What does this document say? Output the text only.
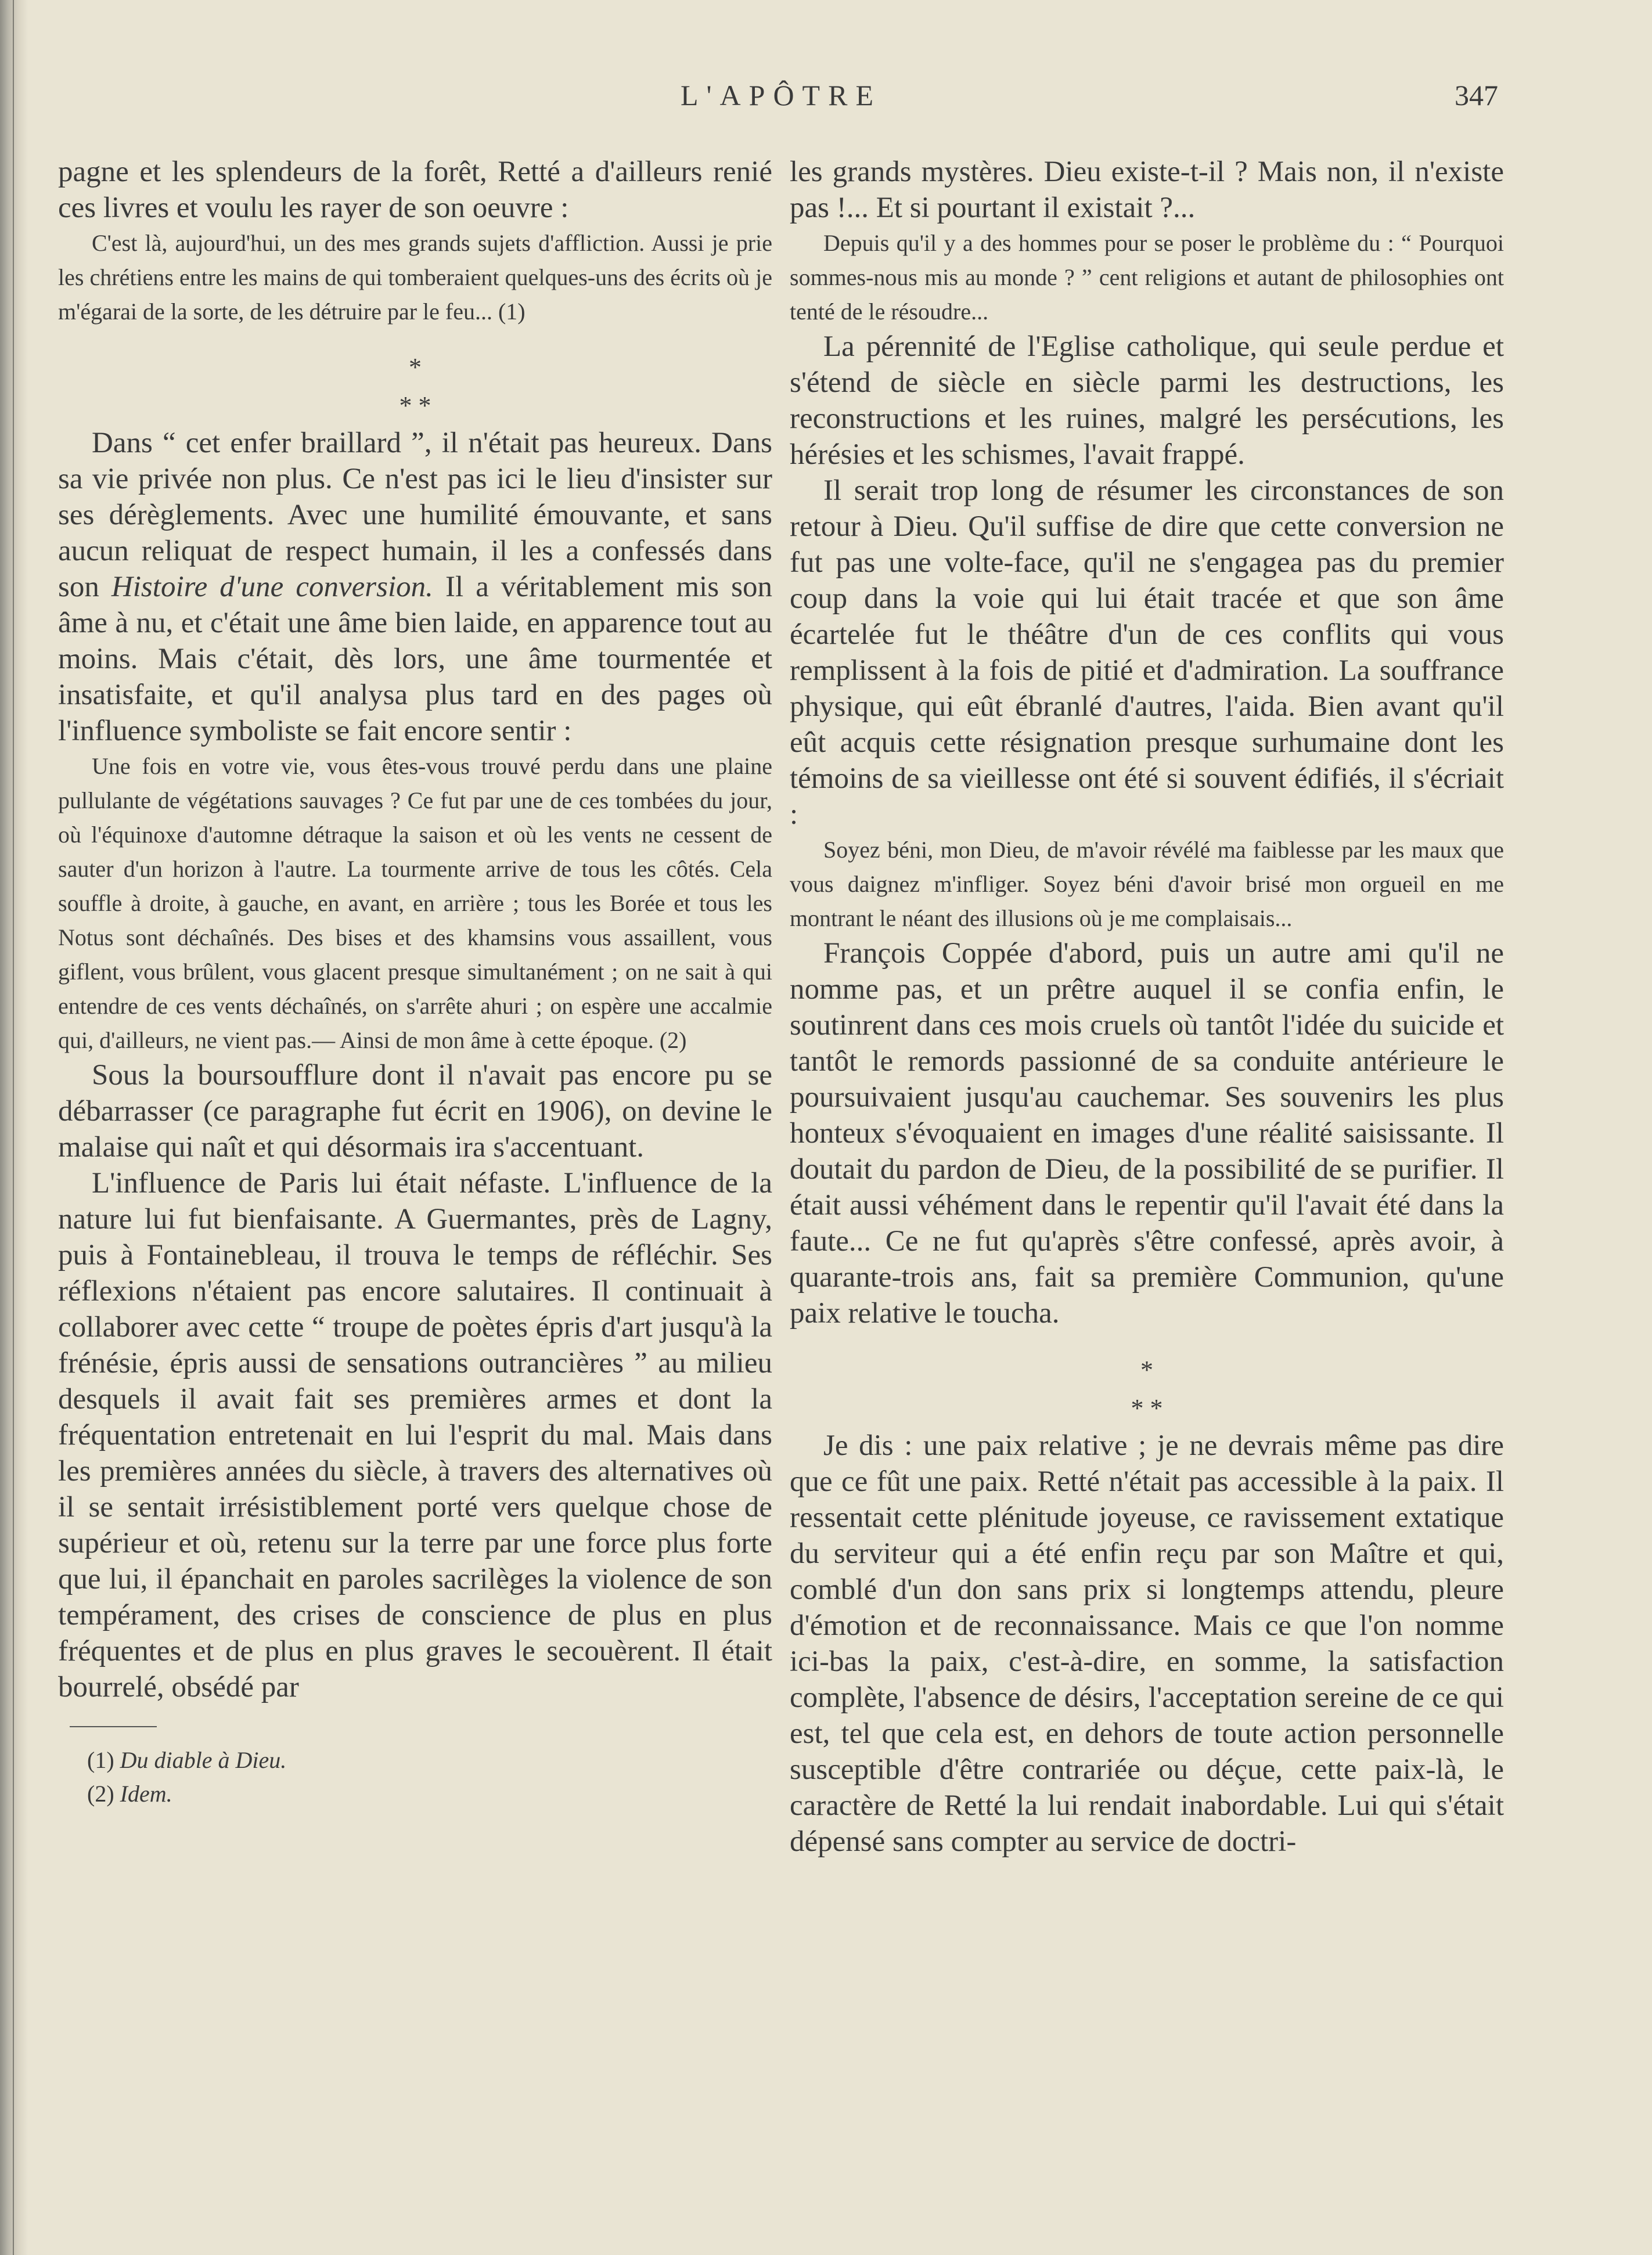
L'APÔTRE	347

pagne et les splendeurs de la forêt, Retté a d'ailleurs renié ces livres et voulu les rayer de son oeuvre :

C'est là, aujourd'hui, un des mes grands sujets d'affliction. Aussi je prie les chrétiens entre les mains de qui tomberaient quelques-uns des écrits où je m'égarai de la sorte, de les détruire par le feu... (1)

*
* *

Dans “ cet enfer braillard ”, il n'était pas heureux. Dans sa vie privée non plus. Ce n'est pas ici le lieu d'insister sur ses dérèglements. Avec une humilité émouvante, et sans aucun reliquat de respect humain, il les a confessés dans son Histoire d'une conversion. Il a véritablement mis son âme à nu, et c'était une âme bien laide, en apparence tout au moins. Mais c'était, dès lors, une âme tourmentée et insatisfaite, et qu'il analysa plus tard en des pages où l'influence symboliste se fait encore sentir :

Une fois en votre vie, vous êtes-vous trouvé perdu dans une plaine pullulante de végétations sauvages ? Ce fut par une de ces tombées du jour, où l'équinoxe d'automne détraque la saison et où les vents ne cessent de sauter d'un horizon à l'autre. La tourmente arrive de tous les côtés. Cela souffle à droite, à gauche, en avant, en arrière ; tous les Borée et tous les Notus sont déchaînés. Des bises et des khamsins vous assaillent, vous giflent, vous brûlent, vous glacent presque simultanément ; on ne sait à qui entendre de ces vents déchaînés, on s'arrête ahuri ; on espère une accalmie qui, d'ailleurs, ne vient pas.— Ainsi de mon âme à cette époque. (2)

Sous la boursoufflure dont il n'avait pas encore pu se débarrasser (ce paragraphe fut écrit en 1906), on devine le malaise qui naît et qui désormais ira s'accentuant.

L'influence de Paris lui était néfaste. L'influence de la nature lui fut bienfaisante. A Guermantes, près de Lagny, puis à Fontainebleau, il trouva le temps de réfléchir. Ses réflexions n'étaient pas encore salutaires. Il continuait à collaborer avec cette “ troupe de poètes épris d'art jusqu'à la frénésie, épris aussi de sensations outrancières ” au milieu desquels il avait fait ses premières armes et dont la fréquentation entretenait en lui l'esprit du mal. Mais dans les premières années du siècle, à travers des alternatives où il se sentait irrésistiblement porté vers quelque chose de supérieur et où, retenu sur la terre par une force plus forte que lui, il épanchait en paroles sacrilèges la violence de son tempérament, des crises de conscience de plus en plus fréquentes et de plus en plus graves le secouèrent. Il était bourrelé, obsédé par

(1) Du diable à Dieu.
(2) Idem.

les grands mystères. Dieu existe-t-il ? Mais non, il n'existe pas !... Et si pourtant il existait ?...

Depuis qu'il y a des hommes pour se poser le problème du : “ Pourquoi sommes-nous mis au monde ? ” cent religions et autant de philosophies ont tenté de le résoudre...

La pérennité de l'Eglise catholique, qui seule perdue et s'étend de siècle en siècle parmi les destructions, les reconstructions et les ruines, malgré les persécutions, les hérésies et les schismes, l'avait frappé.

Il serait trop long de résumer les circonstances de son retour à Dieu. Qu'il suffise de dire que cette conversion ne fut pas une volte-face, qu'il ne s'engagea pas du premier coup dans la voie qui lui était tracée et que son âme écartelée fut le théâtre d'un de ces conflits qui vous remplissent à la fois de pitié et d'admiration. La souffrance physique, qui eût ébranlé d'autres, l'aida. Bien avant qu'il eût acquis cette résignation presque surhumaine dont les témoins de sa vieillesse ont été si souvent édifiés, il s'écriait :

Soyez béni, mon Dieu, de m'avoir révélé ma faiblesse par les maux que vous daignez m'infliger. Soyez béni d'avoir brisé mon orgueil en me montrant le néant des illusions où je me complaisais...

François Coppée d'abord, puis un autre ami qu'il ne nomme pas, et un prêtre auquel il se confia enfin, le soutinrent dans ces mois cruels où tantôt l'idée du suicide et tantôt le remords passionné de sa conduite antérieure le poursuivaient jusqu'au cauchemar. Ses souvenirs les plus honteux s'évoquaient en images d'une réalité saisissante. Il doutait du pardon de Dieu, de la possibilité de se purifier. Il était aussi véhément dans le repentir qu'il l'avait été dans la faute... Ce ne fut qu'après s'être confessé, après avoir, à quarante-trois ans, fait sa première Communion, qu'une paix relative le toucha.

*
* *

Je dis : une paix relative ; je ne devrais même pas dire que ce fût une paix. Retté n'était pas accessible à la paix. Il ressentait cette plénitude joyeuse, ce ravissement extatique du serviteur qui a été enfin reçu par son Maître et qui, comblé d'un don sans prix si longtemps attendu, pleure d'émotion et de reconnaissance. Mais ce que l'on nomme ici-bas la paix, c'est-à-dire, en somme, la satisfaction complète, l'absence de désirs, l'acceptation sereine de ce qui est, tel que cela est, en dehors de toute action personnelle susceptible d'être contrariée ou déçue, cette paix-là, le caractère de Retté la lui rendait inabordable. Lui qui s'était dépensé sans compter au service de doctri-
